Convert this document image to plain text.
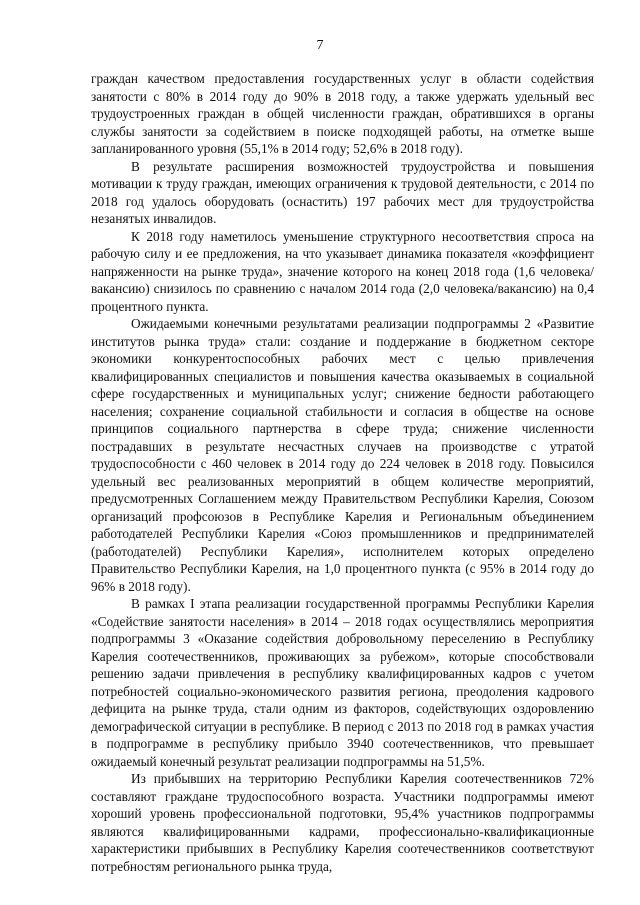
7

граждан качеством предоставления государственных услуг в области содействия занятости с 80% в 2014 году до 90% в 2018 году, а также удержать удельный вес трудоустроенных граждан в общей численности граждан, обратившихся в органы службы занятости за содействием в поиске подходящей работы, на отметке выше запланированного уровня (55,1% в 2014 году; 52,6% в 2018 году).

В результате расширения возможностей трудоустройства и повышения мотивации к труду граждан, имеющих ограничения к трудовой деятельности, с 2014 по 2018 год удалось оборудовать (оснастить) 197 рабочих мест для трудоустройства незанятых инвалидов.

К 2018 году наметилось уменьшение структурного несоответствия спроса на рабочую силу и ее предложения, на что указывает динамика показателя «коэффициент напряженности на рынке труда», значение которого на конец 2018 года (1,6 человека/вакансию) снизилось по сравнению с началом 2014 года (2,0 человека/вакансию) на 0,4 процентного пункта.

Ожидаемыми конечными результатами реализации подпрограммы 2 «Развитие институтов рынка труда» стали: создание и поддержание в бюджетном секторе экономики конкурентоспособных рабочих мест с целью привлечения квалифицированных специалистов и повышения качества оказываемых в социальной сфере государственных и муниципальных услуг; снижение бедности работающего населения; сохранение социальной стабильности и согласия в обществе на основе принципов социального партнерства в сфере труда; снижение численности пострадавших в результате несчастных случаев на производстве с утратой трудоспособности с 460 человек в 2014 году до 224 человек в 2018 году. Повысился удельный вес реализованных мероприятий в общем количестве мероприятий, предусмотренных Соглашением между Правительством Республики Карелия, Союзом организаций профсоюзов в Республике Карелия и Региональным объединением работодателей Республики Карелия «Союз промышленников и предпринимателей (работодателей) Республики Карелия», исполнителем которых определено Правительство Республики Карелия, на 1,0 процентного пункта (с 95% в 2014 году до 96% в 2018 году).

В рамках I этапа реализации государственной программы Республики Карелия «Содействие занятости населения» в 2014 – 2018 годах осуществлялись мероприятия подпрограммы 3 «Оказание содействия добровольному переселению в Республику Карелия соотечественников, проживающих за рубежом», которые способствовали решению задачи привлечения в республику квалифицированных кадров с учетом потребностей социально-экономического развития региона, преодоления кадрового дефицита на рынке труда, стали одним из факторов, содействующих оздоровлению демографической ситуации в республике. В период с 2013 по 2018 год в рамках участия в подпрограмме в республику прибыло 3940 соотечественников, что превышает ожидаемый конечный результат реализации подпрограммы на 51,5%.

Из прибывших на территорию Республики Карелия соотечественников 72% составляют граждане трудоспособного возраста. Участники подпрограммы имеют хороший уровень профессиональной подготовки, 95,4% участников подпрограммы являются квалифицированными кадрами, профессионально-квалификационные характеристики прибывших в Республику Карелия соотечественников соответствуют потребностям регионального рынка труда,
